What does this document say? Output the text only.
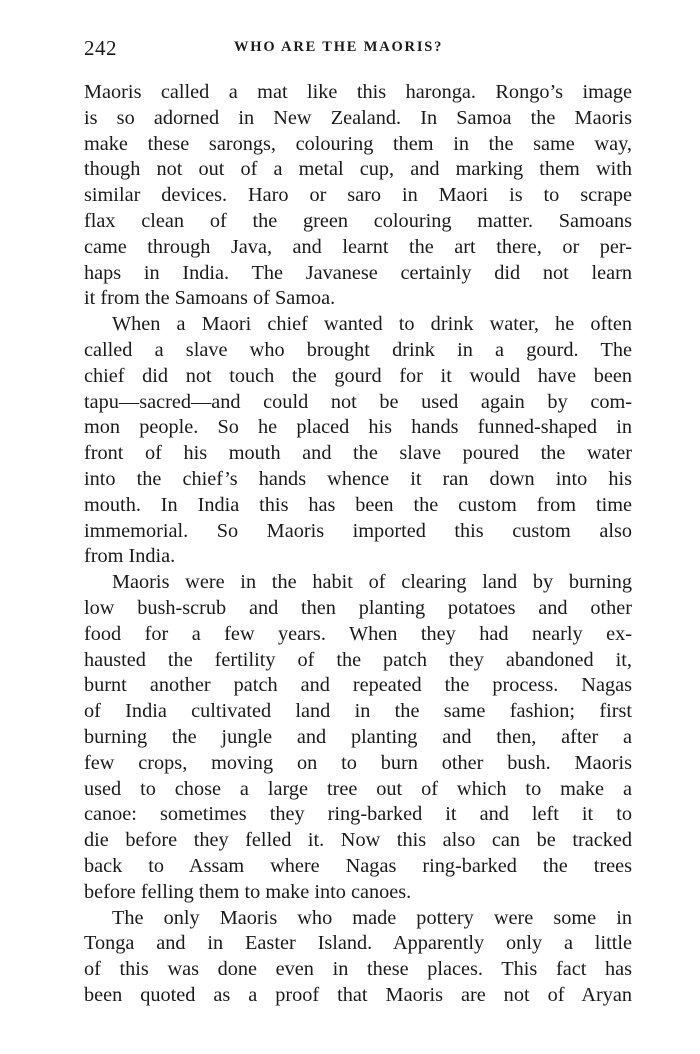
242	WHO ARE THE MAORIS?

Maoris called a mat like this haronga. Rongo’s image
is so adorned in New Zealand. In Samoa the Maoris
make these sarongs, colouring them in the same way,
though not out of a metal cup, and marking them with
similar devices. Haro or saro in Maori is to scrape
flax clean of the green colouring matter. Samoans
came through Java, and learnt the art there, or per-
haps in India. The Javanese certainly did not learn
it from the Samoans of Samoa.

When a Maori chief wanted to drink water, he often
called a slave who brought drink in a gourd. The
chief did not touch the gourd for it would have been
tapu—sacred—and could not be used again by com-
mon people. So he placed his hands funned-shaped in
front of his mouth and the slave poured the water
into the chief’s hands whence it ran down into his
mouth. In India this has been the custom from time
immemorial. So Maoris imported this custom also
from India.

Maoris were in the habit of clearing land by burning
low bush-scrub and then planting potatoes and other
food for a few years. When they had nearly ex-
hausted the fertility of the patch they abandoned it,
burnt another patch and repeated the process. Nagas
of India cultivated land in the same fashion; first
burning the jungle and planting and then, after a
few crops, moving on to burn other bush. Maoris
used to chose a large tree out of which to make a
canoe: sometimes they ring-barked it and left it to
die before they felled it. Now this also can be tracked
back to Assam where Nagas ring-barked the trees
before felling them to make into canoes.

The only Maoris who made pottery were some in
Tonga and in Easter Island. Apparently only a little
of this was done even in these places. This fact has
been quoted as a proof that Maoris are not of Aryan
